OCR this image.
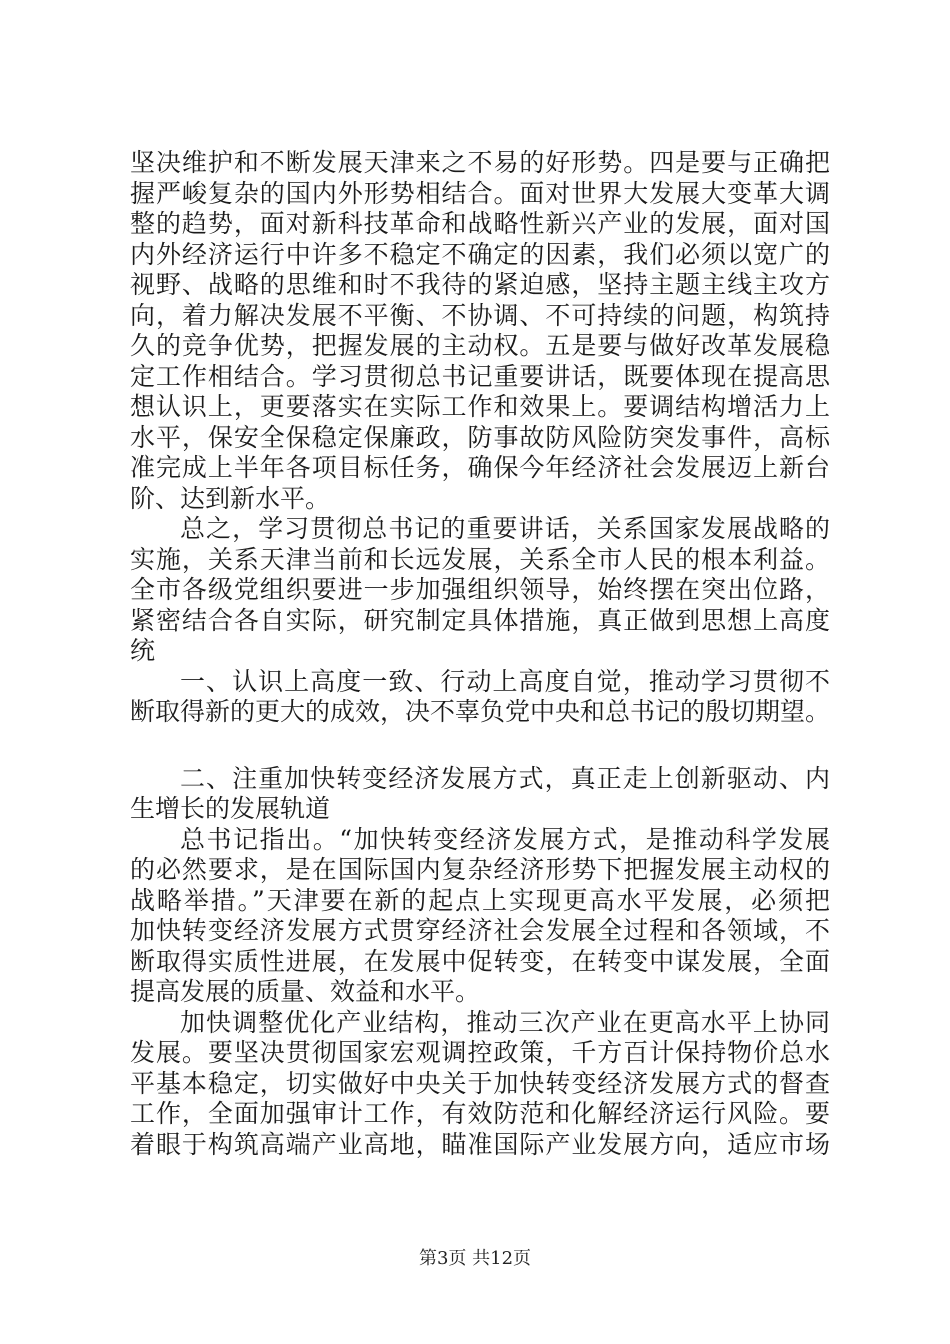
坚决维护和不断发展天津来之不易的好形势。四是要与正确把
握严峻复杂的国内外形势相结合。面对世界大发展大变革大调
整的趋势，面对新科技革命和战略性新兴产业的发展，面对国
内外经济运行中许多不稳定不确定的因素，我们必须以宽广的
视野、战略的思维和时不我待的紧迫感，坚持主题主线主攻方
向，着力解决发展不平衡、不协调、不可持续的问题，构筑持
久的竞争优势，把握发展的主动权。五是要与做好改革发展稳
定工作相结合。学习贯彻总书记重要讲话，既要体现在提高思
想认识上，更要落实在实际工作和效果上。要调结构增活力上
水平，保安全保稳定保廉政，防事故防风险防突发事件，高标
准完成上半年各项目标任务，确保今年经济社会发展迈上新台
阶、达到新水平。
总之，学习贯彻总书记的重要讲话，关系国家发展战略的
实施，关系天津当前和长远发展，关系全市人民的根本利益。
全市各级党组织要进一步加强组织领导，始终摆在突出位路，
紧密结合各自实际，研究制定具体措施，真正做到思想上高度
统
一、认识上高度一致、行动上高度自觉，推动学习贯彻不
断取得新的更大的成效，决不辜负党中央和总书记的殷切期望。
二、注重加快转变经济发展方式，真正走上创新驱动、内
生增长的发展轨道
总书记指出。“加快转变经济发展方式，是推动科学发展
的必然要求，是在国际国内复杂经济形势下把握发展主动权的
战略举措。”天津要在新的起点上实现更高水平发展，必须把
加快转变经济发展方式贯穿经济社会发展全过程和各领域，不
断取得实质性进展，在发展中促转变，在转变中谋发展，全面
提高发展的质量、效益和水平。
加快调整优化产业结构，推动三次产业在更高水平上协同
发展。要坚决贯彻国家宏观调控政策，千方百计保持物价总水
平基本稳定，切实做好中央关于加快转变经济发展方式的督查
工作，全面加强审计工作，有效防范和化解经济运行风险。要
着眼于构筑高端产业高地，瞄准国际产业发展方向，适应市场
第3页 共12页
